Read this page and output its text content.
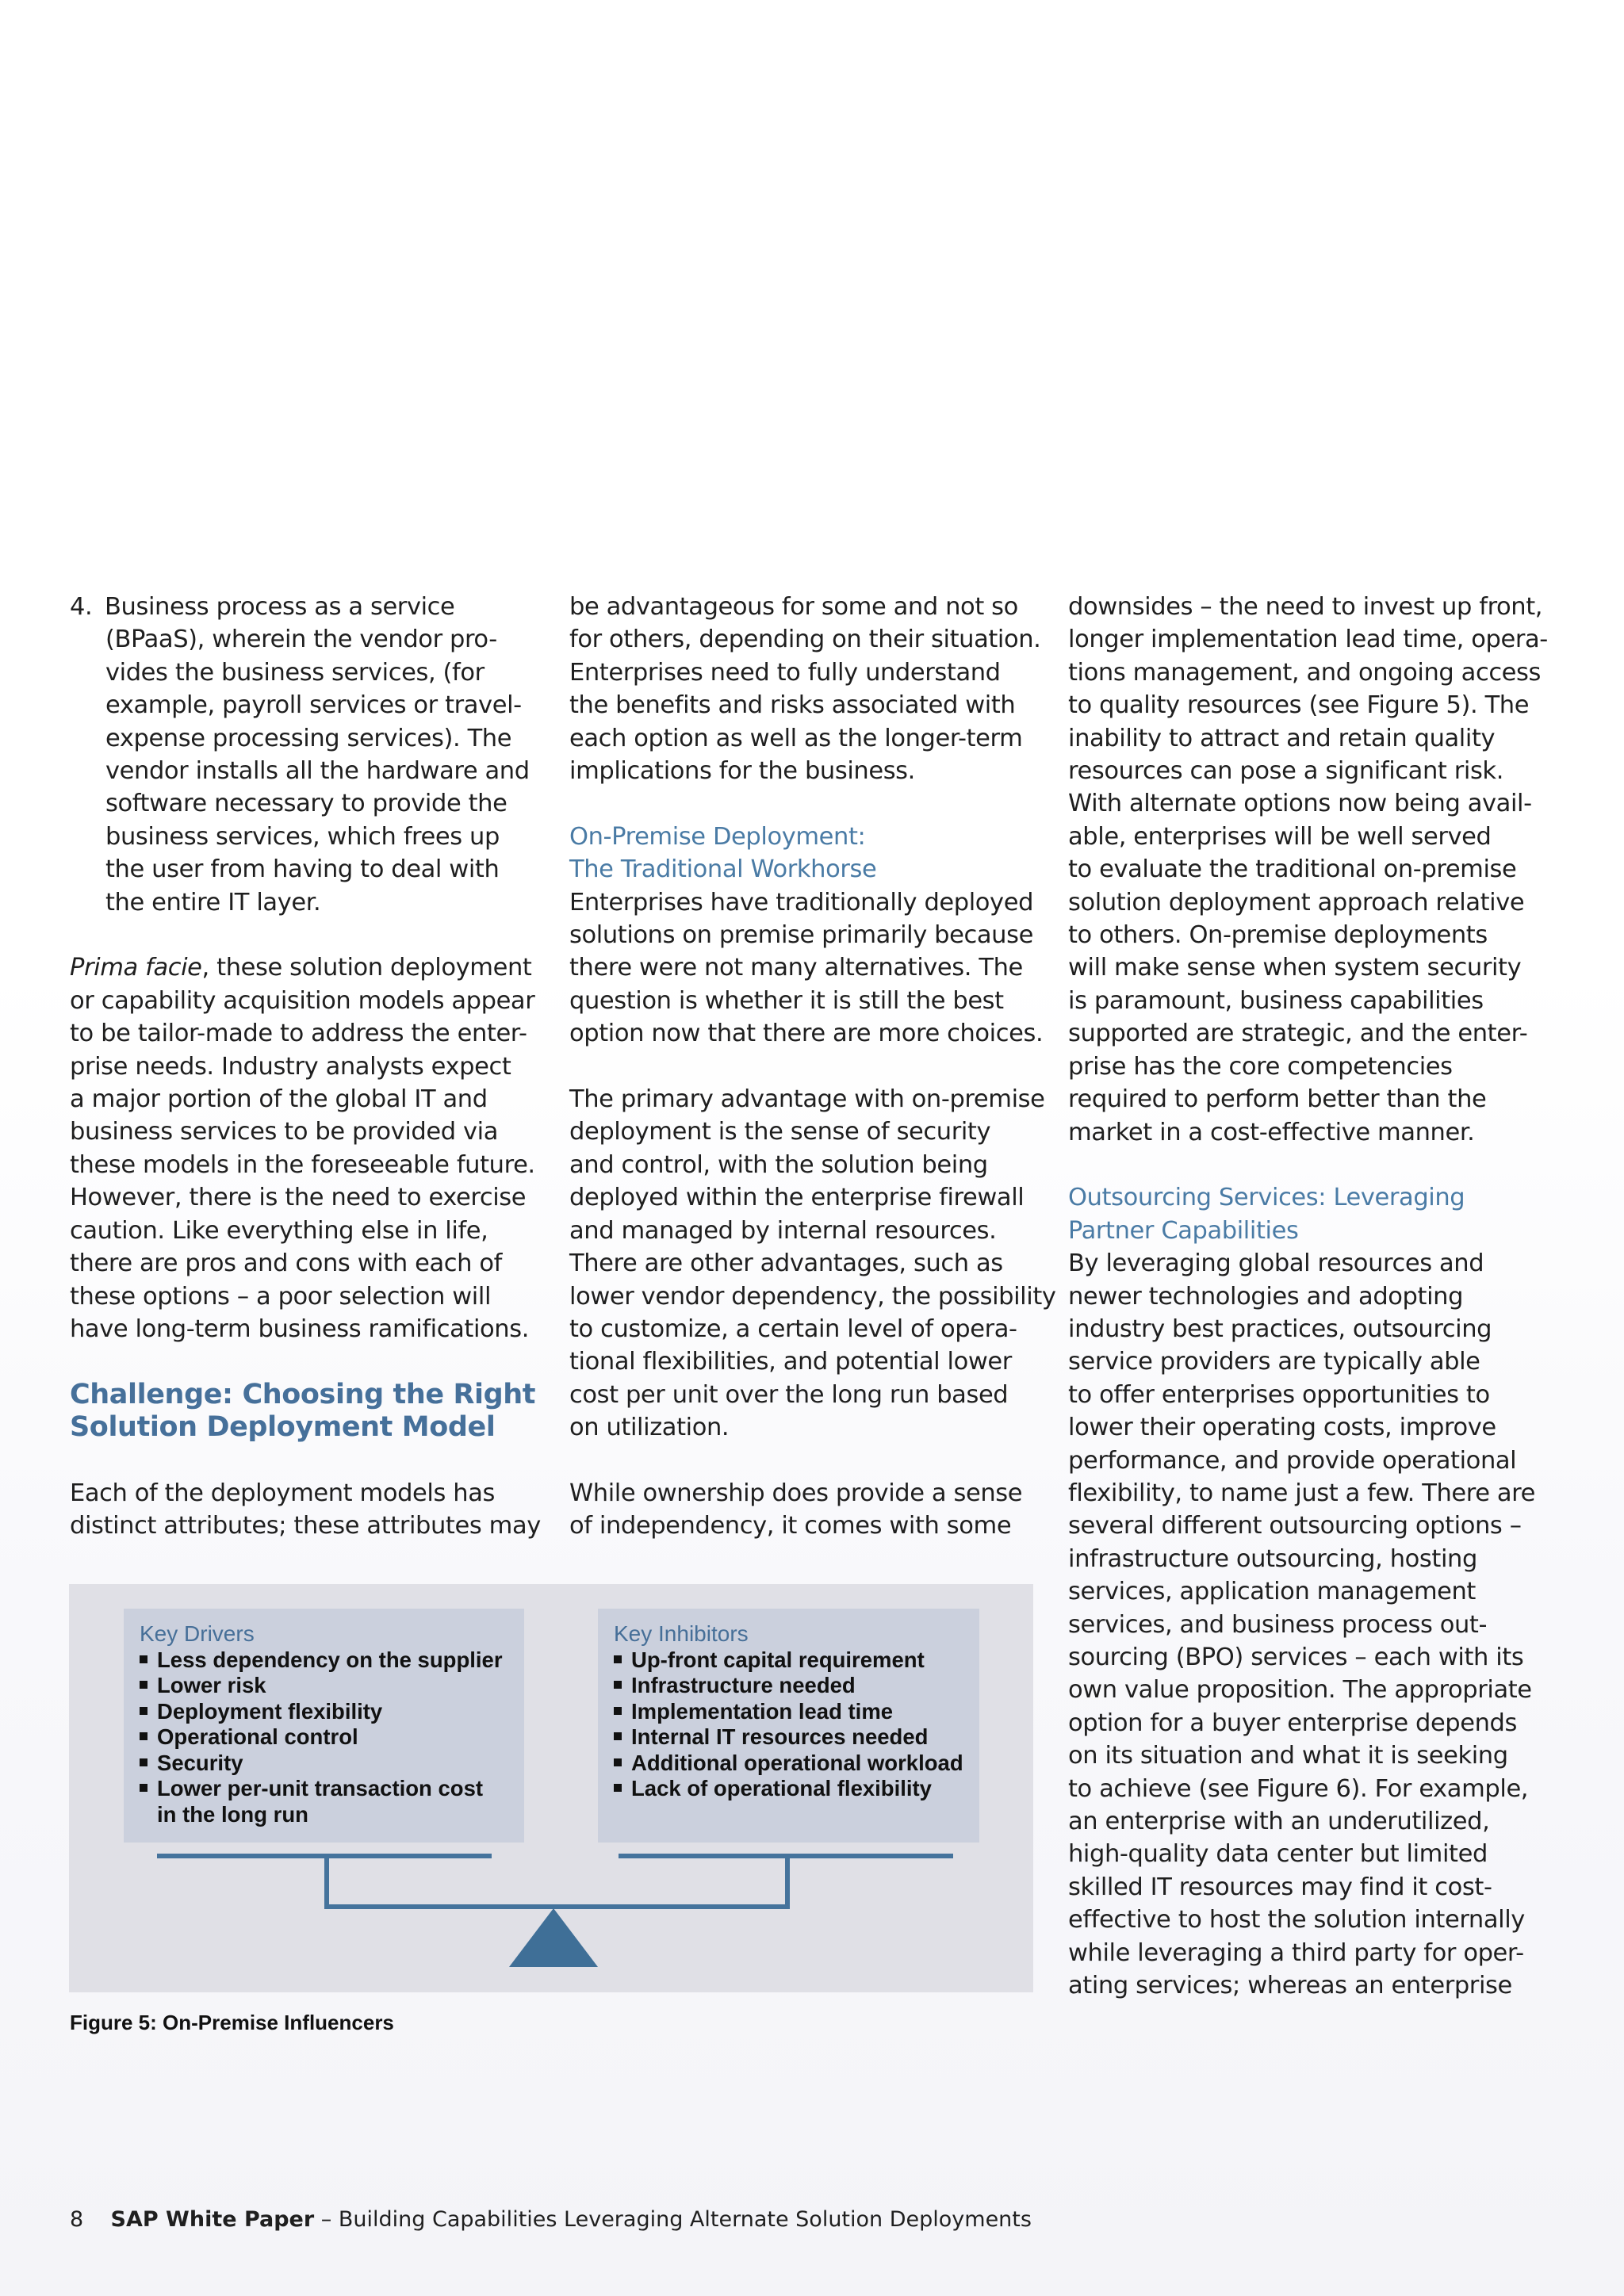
4. Business process as a service

(BPaaS), wherein the vendor pro-

vides the business services, (for

example, payroll services or travel-

expense processing services). The

vendor installs all the hardware and

software necessary to provide the

business services, which frees up

the user from having to deal with

the entire IT layer.

Prima facie, these solution deployment

or capability acquisition models appear

to be tailor-made to address the enter-

prise needs. Industry analysts expect

a major portion of the global IT and

business services to be provided via

these models in the foreseeable future.

However, there is the need to exercise

caution. Like everything else in life,

there are pros and cons with each of

these options – a poor selection will

have long-term business ramifications.

Challenge: Choosing the Right

Solution Deployment Model

Each of the deployment models has

distinct attributes; these attributes may

be advantageous for some and not so

for others, depending on their situation.

Enterprises need to fully understand

the benefits and risks associated with

each option as well as the longer-term

implications for the business.

On-Premise Deployment:

The Traditional Workhorse

Enterprises have traditionally deployed

solutions on premise primarily because

there were not many alternatives. The

question is whether it is still the best

option now that there are more choices.

The primary advantage with on-premise

deployment is the sense of security

and control, with the solution being

deployed within the enterprise firewall

and managed by internal resources.

There are other advantages, such as

lower vendor dependency, the possibility

to customize, a certain level of opera-

tional flexibilities, and potential lower

cost per unit over the long run based

on utilization.

While ownership does provide a sense

of independency, it comes with some

downsides – the need to invest up front,

longer implementation lead time, opera-

tions management, and ongoing access

to quality resources (see Figure 5). The

inability to attract and retain quality

resources can pose a significant risk.

With alternate options now being avail-

able, enterprises will be well served

to evaluate the traditional on-premise

solution deployment approach relative

to others. On-premise deployments

will make sense when system security

is paramount, business capabilities

supported are strategic, and the enter-

prise has the core competencies

required to perform better than the

market in a cost-effective manner.

Outsourcing Services: Leveraging

Partner Capabilities

By leveraging global resources and

newer technologies and adopting

industry best practices, outsourcing

service providers are typically able

to offer enterprises opportunities to

lower their operating costs, improve

performance, and provide operational

flexibility, to name just a few. There are

several different outsourcing options –

infrastructure outsourcing, hosting

services, application management

services, and business process out-

sourcing (BPO) services – each with its

own value proposition. The appropriate

option for a buyer enterprise depends

on its situation and what it is seeking

to achieve (see Figure 6). For example,

an enterprise with an underutilized,

high-quality data center but limited

skilled IT resources may find it cost-

effective to host the solution internally

while leveraging a third party for oper-

ating services; whereas an enterprise

Key Drivers

Less dependency on the supplier
Lower risk
Deployment flexibility
Operational control
Security
Lower per-unit transaction cost
in the long run

Key Inhibitors

Up-front capital requirement
Infrastructure needed
Implementation lead time
Internal IT resources needed
Additional operational workload
Lack of operational flexibility
Figure 5: On-Premise Influencers
8 SAP White Paper – Building Capabilities Leveraging Alternate Solution Deployments
